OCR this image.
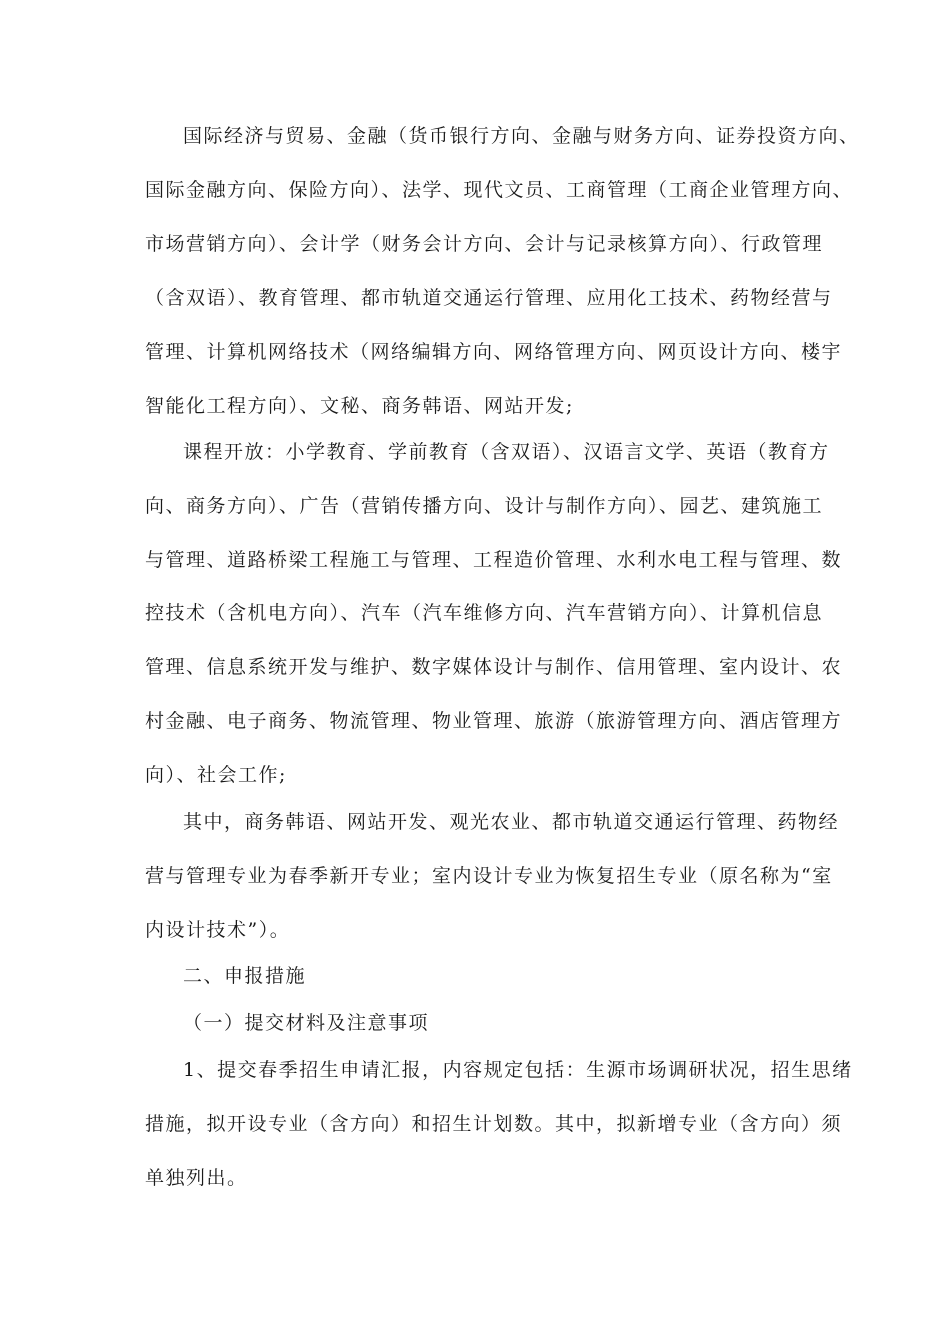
国际经济与贸易、金融（货币银行方向、金融与财务方向、证券投资方向、
国际金融方向、保险方向）、法学、现代文员、工商管理（工商企业管理方向、
市场营销方向）、会计学（财务会计方向、会计与记录核算方向）、行政管理
（含双语）、教育管理、都市轨道交通运行管理、应用化工技术、药物经营与
管理、计算机网络技术（网络编辑方向、网络管理方向、网页设计方向、楼宇
智能化工程方向）、文秘、商务韩语、网站开发;
课程开放：小学教育、学前教育（含双语）、汉语言文学、英语（教育方
向、商务方向）、广告（营销传播方向、设计与制作方向）、园艺、建筑施工
与管理、道路桥梁工程施工与管理、工程造价管理、水利水电工程与管理、数
控技术（含机电方向）、汽车（汽车维修方向、汽车营销方向）、计算机信息
管理、信息系统开发与维护、数字媒体设计与制作、信用管理、室内设计、农
村金融、电子商务、物流管理、物业管理、旅游（旅游管理方向、酒店管理方
向）、社会工作;
其中，商务韩语、网站开发、观光农业、都市轨道交通运行管理、药物经
营与管理专业为春季新开专业；室内设计专业为恢复招生专业（原名称为“室
内设计技术”）。
二、申报措施
（一）提交材料及注意事项
1、提交春季招生申请汇报，内容规定包括：生源市场调研状况，招生思绪
措施，拟开设专业（含方向）和招生计划数。其中，拟新增专业（含方向）须
单独列出。
